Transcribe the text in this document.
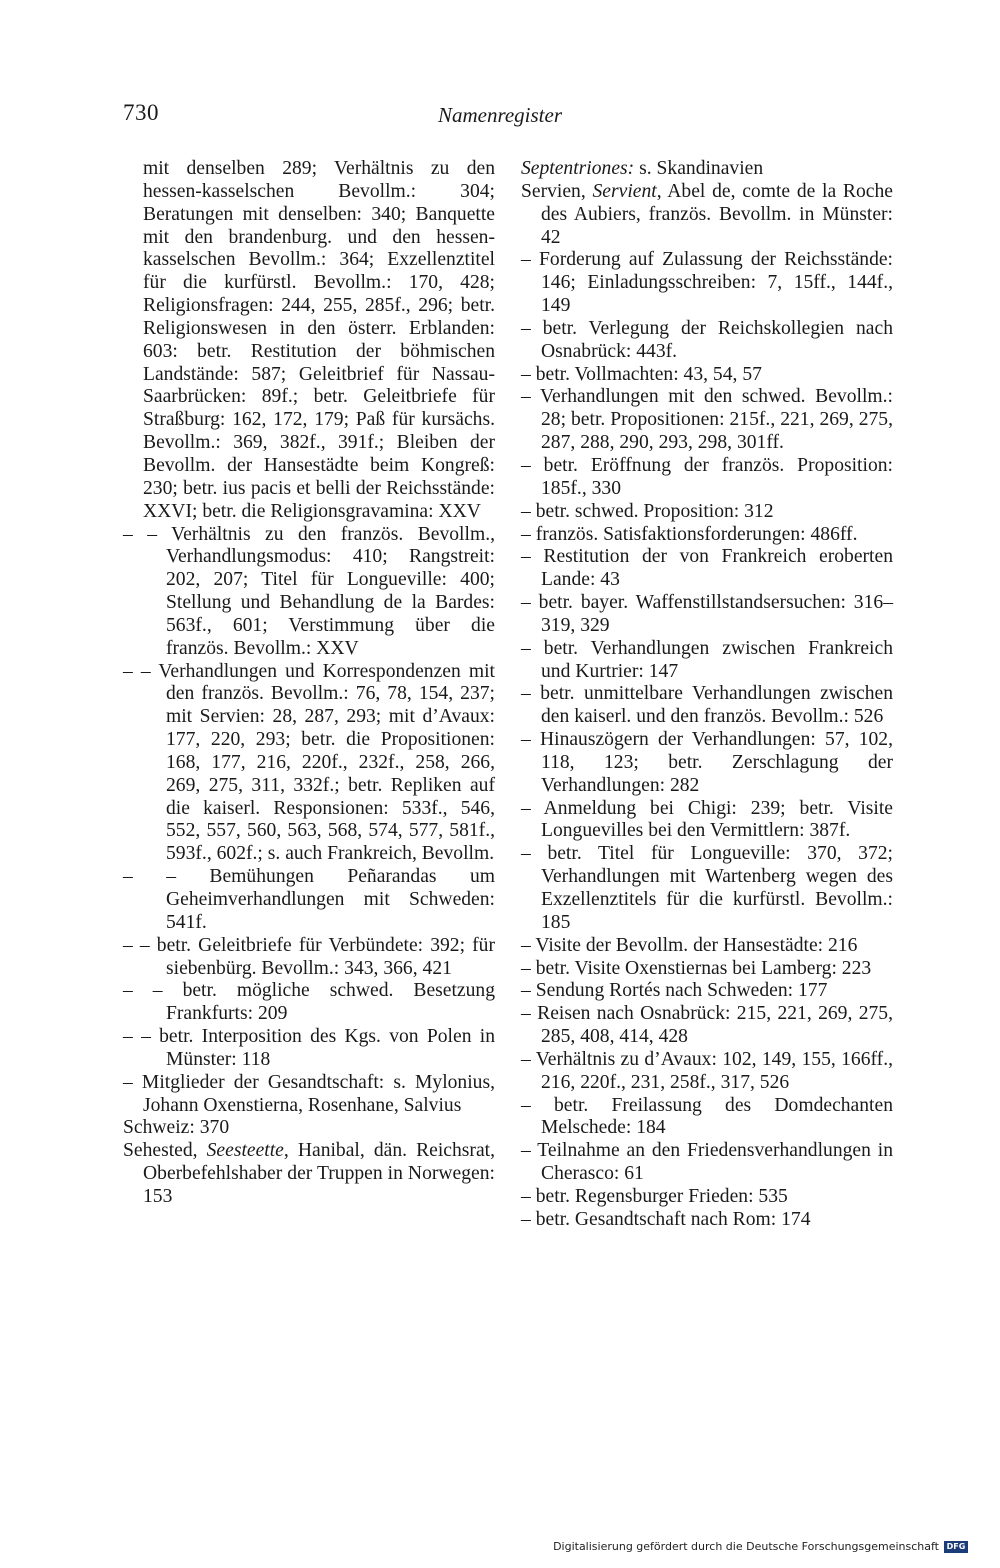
730	Namenregister
mit denselben 289; Verhältnis zu den hessen-kasselschen Bevollm.: 304; Beratungen mit denselben: 340; Banquette mit den brandenburg. und den hessen-kasselschen Bevollm.: 364; Exzellenztitel für die kurfürstl. Bevollm.: 170, 428; Religionsfragen: 244, 255, 285f., 296; betr. Religionswesen in den österr. Erblanden: 603: betr. Restitution der böhmischen Landstände: 587; Geleitbrief für Nassau-Saarbrücken: 89f.; betr. Geleitbriefe für Straßburg: 162, 172, 179; Paß für kursächs. Bevollm.: 369, 382f., 391f.; Bleiben der Bevollm. der Hansestädte beim Kongreß: 230; betr. ius pacis et belli der Reichsstände: XXVI; betr. die Religionsgravamina: XXV
– – Verhältnis zu den französ. Bevollm., Verhandlungsmodus: 410; Rangstreit: 202, 207; Titel für Longueville: 400; Stellung und Behandlung de la Bardes: 563f., 601; Verstimmung über die französ. Bevollm.: XXV
– – Verhandlungen und Korrespondenzen mit den französ. Bevollm.: 76, 78, 154, 237; mit Servien: 28, 287, 293; mit d’Avaux: 177, 220, 293; betr. die Propositionen: 168, 177, 216, 220f., 232f., 258, 266, 269, 275, 311, 332f.; betr. Repliken auf die kaiserl. Responsionen: 533f., 546, 552, 557, 560, 563, 568, 574, 577, 581f., 593f., 602f.; s. auch Frankreich, Bevollm.
– – Bemühungen Peñarandas um Geheimverhandlungen mit Schweden: 541f.
– – betr. Geleitbriefe für Verbündete: 392; für siebenbürg. Bevollm.: 343, 366, 421
– – betr. mögliche schwed. Besetzung Frankfurts: 209
– – betr. Interposition des Kgs. von Polen in Münster: 118
– Mitglieder der Gesandtschaft: s. Mylonius, Johann Oxenstierna, Rosenhane, Salvius
Schweiz: 370
Sehested, Seesteette, Hanibal, dän. Reichsrat, Oberbefehlshaber der Truppen in Norwegen: 153
Septentriones: s. Skandinavien
Servien, Servient, Abel de, comte de la Roche des Aubiers, französ. Bevollm. in Münster: 42
– Forderung auf Zulassung der Reichsstände: 146; Einladungsschreiben: 7, 15ff., 144f., 149
– betr. Verlegung der Reichskollegien nach Osnabrück: 443f.
– betr. Vollmachten: 43, 54, 57
– Verhandlungen mit den schwed. Bevollm.: 28; betr. Propositionen: 215f., 221, 269, 275, 287, 288, 290, 293, 298, 301ff.
– betr. Eröffnung der französ. Proposition: 185f., 330
– betr. schwed. Proposition: 312
– französ. Satisfaktionsforderungen: 486ff.
– Restitution der von Frankreich eroberten Lande: 43
– betr. bayer. Waffenstillstandsersuchen: 316–319, 329
– betr. Verhandlungen zwischen Frankreich und Kurtrier: 147
– betr. unmittelbare Verhandlungen zwischen den kaiserl. und den französ. Bevollm.: 526
– Hinauszögern der Verhandlungen: 57, 102, 118, 123; betr. Zerschlagung der Verhandlungen: 282
– Anmeldung bei Chigi: 239; betr. Visite Longuevilles bei den Vermittlern: 387f.
– betr. Titel für Longueville: 370, 372; Verhandlungen mit Wartenberg wegen des Exzellenztitels für die kurfürstl. Bevollm.: 185
– Visite der Bevollm. der Hansestädte: 216
– betr. Visite Oxenstiernas bei Lamberg: 223
– Sendung Rortés nach Schweden: 177
– Reisen nach Osnabrück: 215, 221, 269, 275, 285, 408, 414, 428
– Verhältnis zu d’Avaux: 102, 149, 155, 166ff., 216, 220f., 231, 258f., 317, 526
– betr. Freilassung des Domdechanten Melschede: 184
– Teilnahme an den Friedensverhandlungen in Cherasco: 61
– betr. Regensburger Frieden: 535
– betr. Gesandtschaft nach Rom: 174
Digitalisierung gefördert durch die Deutsche Forschungsgemeinschaft DFG
